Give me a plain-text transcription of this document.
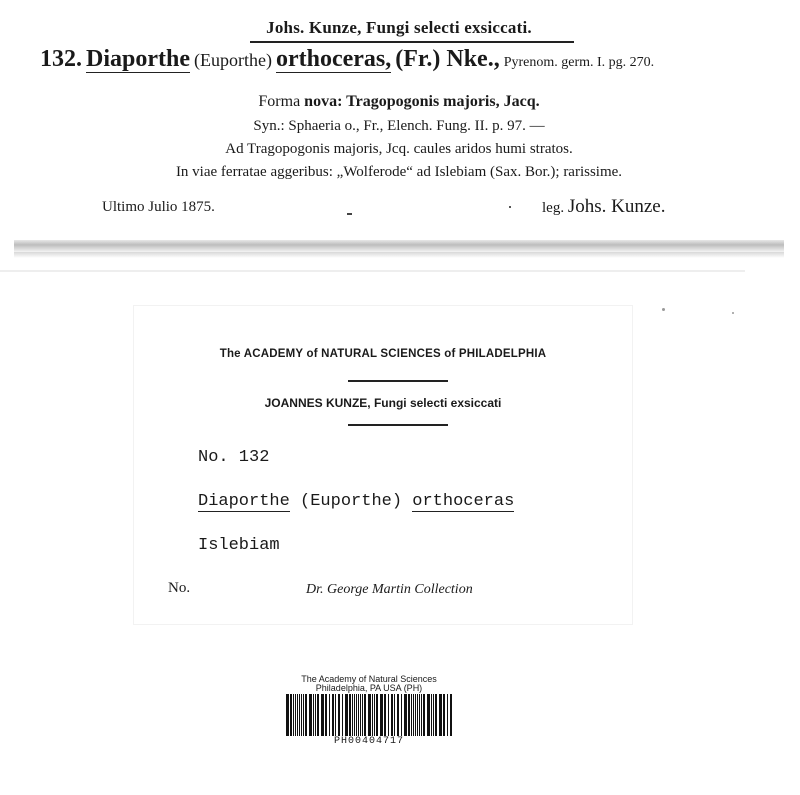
Johs. Kunze, Fungi selecti exsiccati.
132. Diaporthe (Euporthe) orthoceras, (Fr.) Nke., Pyrenom. germ. I. pg. 270.
Forma nova: Tragopogonis majoris, Jacq.
Syn.: Sphaeria o., Fr., Elench. Fung. II. p. 97. —
Ad Tragopogonis majoris, Jcq. caules aridos humi stratos.
In viae ferratae aggeribus: „Wolferode“ ad Islebiam (Sax. Bor.); rarissime.
Ultimo Julio 1875.	leg. Johs. Kunze.
The ACADEMY of NATURAL SCIENCES of PHILADELPHIA
JOANNES KUNZE, Fungi selecti exsiccati
No. 132
Diaporthe (Euporthe) orthoceras
Islebiam
No.	Dr. George Martin Collection
The Academy of Natural Sciences
Philadelphia, PA USA (PH)
PH00404717
